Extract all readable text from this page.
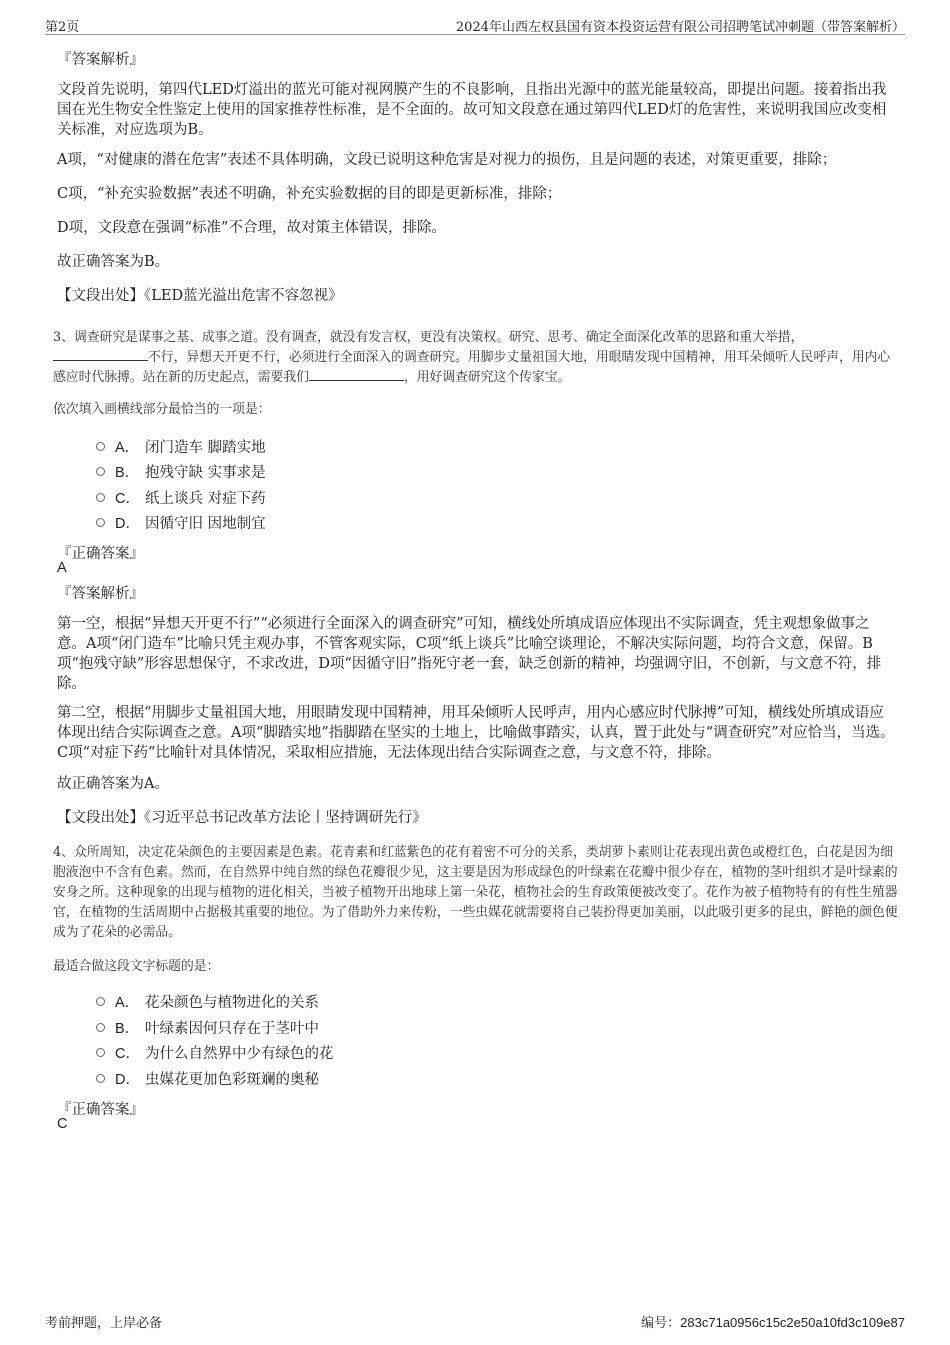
第2页	2024年山西左权县国有资本投资运营有限公司招聘笔试冲刺题（带答案解析）
『答案解析』
文段首先说明，第四代LED灯溢出的蓝光可能对视网膜产生的不良影响，且指出光源中的蓝光能量较高，即提出问题。接着指出我国在光生物安全性鉴定上使用的国家推荐性标准，是不全面的。故可知文段意在通过第四代LED灯的危害性，来说明我国应改变相关标准，对应选项为B。
A项，“对健康的潜在危害”表述不具体明确，文段已说明这种危害是对视力的损伤，且是问题的表述，对策更重要，排除；
C项，“补充实验数据”表述不明确，补充实验数据的目的即是更新标准，排除；
D项，文段意在强调“标准”不合理，故对策主体错误，排除。
故正确答案为B。
【文段出处】《LED蓝光溢出危害不容忽视》
3、调查研究是谋事之基、成事之道。没有调查，就没有发言权，更没有决策权。研究、思考、确定全面深化改革的思路和重大举措，不行，异想天开更不行，必须进行全面深入的调查研究。用脚步丈量祖国大地，用眼睛发现中国精神，用耳朵倾听人民呼声，用内心感应时代脉搏。站在新的历史起点，需要我们	，用好调查研究这个传家宝。
依次填入画横线部分最恰当的一项是：
A． 闭门造车 脚踏实地
B． 抱残守缺 实事求是
C． 纸上谈兵 对症下药
D． 因循守旧 因地制宜
『正确答案』
A
『答案解析』
第一空，根据“异想天开更不行”“必须进行全面深入的调查研究”可知，横线处所填成语应体现出不实际调查，凭主观想象做事之意。A项“闭门造车”比喻只凭主观办事，不管客观实际，C项“纸上谈兵”比喻空谈理论，不解决实际问题，均符合文意，保留。B项“抱残守缺”形容思想保守，不求改进，D项“因循守旧”指死守老一套，缺乏创新的精神，均强调守旧，不创新，与文意不符，排除。
第二空，根据“用脚步丈量祖国大地，用眼睛发现中国精神，用耳朵倾听人民呼声，用内心感应时代脉搏”可知，横线处所填成语应体现出结合实际调查之意。A项“脚踏实地”指脚踏在坚实的土地上，比喻做事踏实，认真，置于此处与“调查研究”对应恰当，当选。C项“对症下药”比喻针对具体情况，采取相应措施，无法体现出结合实际调查之意，与文意不符，排除。
故正确答案为A。
【文段出处】《习近平总书记改革方法论丨坚持调研先行》
4、众所周知，决定花朵颜色的主要因素是色素。花青素和红蓝紫色的花有着密不可分的关系，类胡萝卜素则让花表现出黄色或橙红色，白花是因为细胞液泡中不含有色素。然而，在自然界中纯自然的绿色花瓣很少见，这主要是因为形成绿色的叶绿素在花瓣中很少存在，植物的茎叶组织才是叶绿素的安身之所。这种现象的出现与植物的进化相关，当被子植物开出地球上第一朵花，植物社会的生育政策便被改变了。花作为被子植物特有的有性生殖器官，在植物的生活周期中占据极其重要的地位。为了借助外力来传粉，一些虫媒花就需要将自己装扮得更加美丽，以此吸引更多的昆虫，鲜艳的颜色便成为了花朵的必需品。
最适合做这段文字标题的是：
A． 花朵颜色与植物进化的关系
B． 叶绿素因何只存在于茎叶中
C． 为什么自然界中少有绿色的花
D． 虫媒花更加色彩斑斓的奥秘
『正确答案』
C
考前押题，上岸必备	编号：283c71a0956c15c2e50a10fd3c109e87
